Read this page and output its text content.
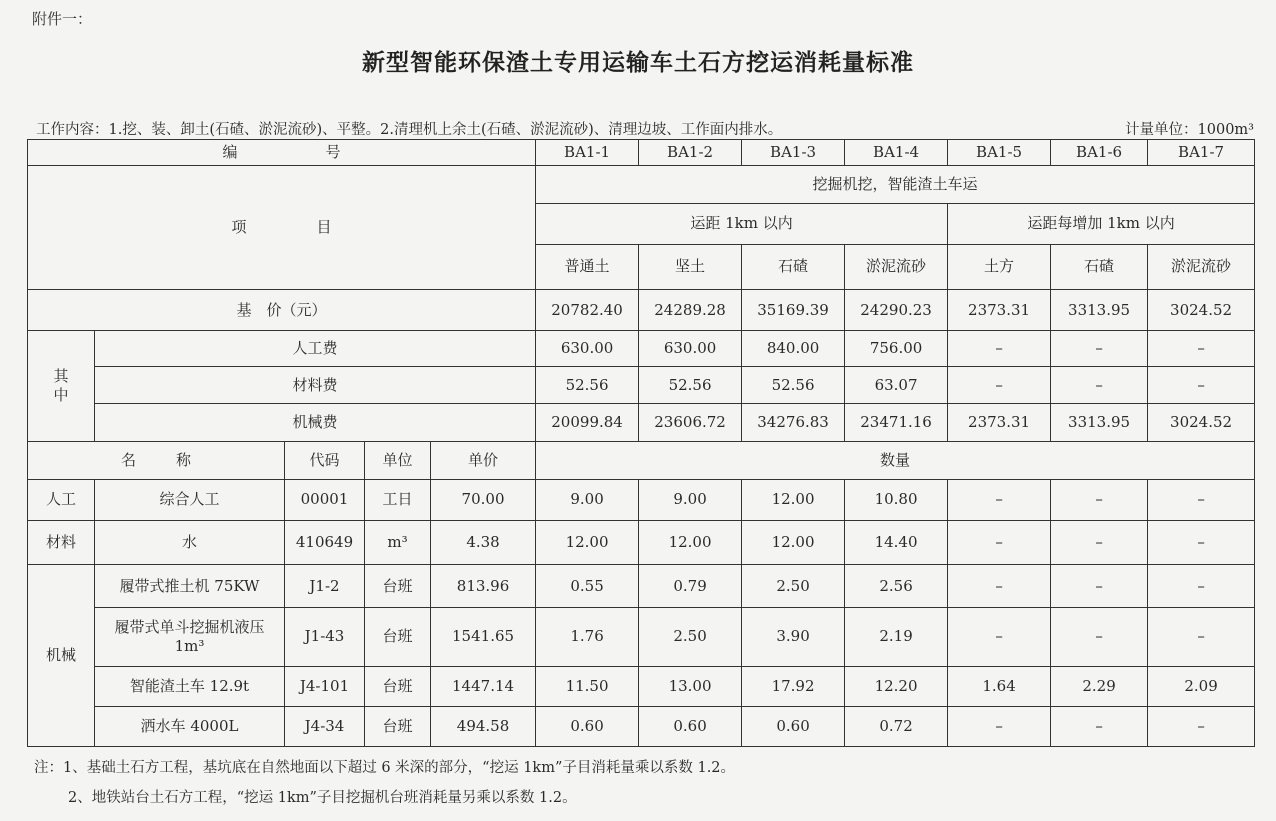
附件一：
新型智能环保渣土专用运输车土石方挖运消耗量标准
工作内容：1.挖、装、卸土(石碴、淤泥流砂)、平整。2.清理机上余土(石碴、淤泥流砂)、清理边坡、工作面内排水。	计量单位：1000m³
编 号					BA1-1	BA1-2	BA1-3	BA1-4	BA1-5	BA1-6	BA1-7
项 目					挖掘机挖，智能渣土车运						
					运距 1km 以内				运距每增加 1km 以内		
					普通土	坚土	石碴	淤泥流砂	土方	石碴	淤泥流砂
基　价（元）					20782.40	24289.28	35169.39	24290.23	2373.31	3313.95	3024.52
其
中	人工费				630.00	630.00	840.00	756.00	–	–	–
	材料费				52.56	52.56	52.56	63.07	–	–	–
	机械费				20099.84	23606.72	34276.83	23471.16	2373.31	3313.95	3024.52
名 称		代码	单位	单价	数量						
人工	综合人工	00001	工日	70.00	9.00	9.00	12.00	10.80	–	–	–
材料	水	410649	m³	4.38	12.00	12.00	12.00	14.40	–	–	–
机械	履带式推土机 75KW	J1-2	台班	813.96	0.55	0.79	2.50	2.56	–	–	–
	履带式单斗挖掘机液压 1m³	J1-43	台班	1541.65	1.76	2.50	3.90	2.19	–	–	–
	智能渣土车 12.9t	J4-101	台班	1447.14	11.50	13.00	17.92	12.20	1.64	2.29	2.09
	洒水车 4000L	J4-34	台班	494.58	0.60	0.60	0.60	0.72	–	–	–
注：1、基础土石方工程，基坑底在自然地面以下超过 6 米深的部分，“挖运 1km”子目消耗量乘以系数 1.2。
2、地铁站台土石方工程，“挖运 1km”子目挖掘机台班消耗量另乘以系数 1.2。
